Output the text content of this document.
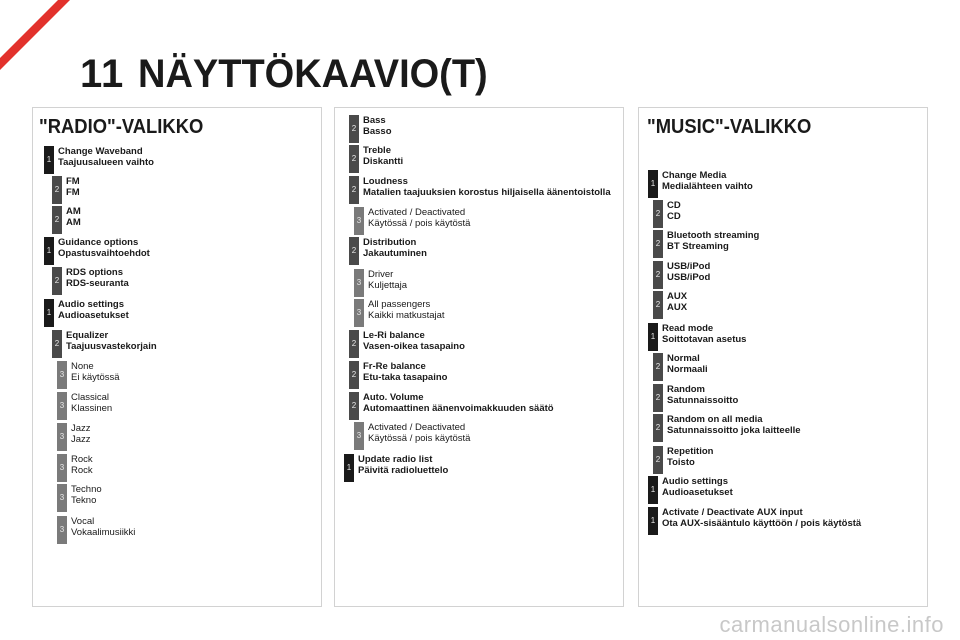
11 NÄYTTÖKAAVIO(T)
"RADIO"-VALIKKO
1
Change Waveband
Taajuusalueen vaihto
2
FM
FM
2
AM
AM
1
Guidance options
Opastusvaihtoehdot
2
RDS options
RDS-seuranta
1
Audio settings
Audioasetukset
2
Equalizer
Taajuusvastekorjain
3
None
Ei käytössä
3
Classical
Klassinen
3
Jazz
Jazz
3
Rock
Rock
3
Techno
Tekno
3
Vocal
Vokaalimusiikki
2
Bass
Basso
2
Treble
Diskantti
2
Loudness
Matalien taajuuksien korostus hiljaisella äänentoistolla
3
Activated / Deactivated
Käytössä / pois käytöstä
2
Distribution
Jakautuminen
3
Driver
Kuljettaja
3
All passengers
Kaikki matkustajat
2
Le-Ri balance
Vasen-oikea tasapaino
2
Fr-Re balance
Etu-taka tasapaino
2
Auto. Volume
Automaattinen äänenvoimakkuuden säätö
3
Activated / Deactivated
Käytössä / pois käytöstä
1
Update radio list
Päivitä radioluettelo
"MUSIC"-VALIKKO
1
Change Media
Medialähteen vaihto
2
CD
CD
2
Bluetooth streaming
BT Streaming
2
USB/iPod
USB/iPod
2
AUX
AUX
1
Read mode
Soittotavan asetus
2
Normal
Normaali
2
Random
Satunnaissoitto
2
Random on all media
Satunnaissoitto joka laitteelle
2
Repetition
Toisto
1
Audio settings
Audioasetukset
1
Activate / Deactivate AUX input
Ota AUX-sisääntulo käyttöön / pois käytöstä
carmanualsonline.info
